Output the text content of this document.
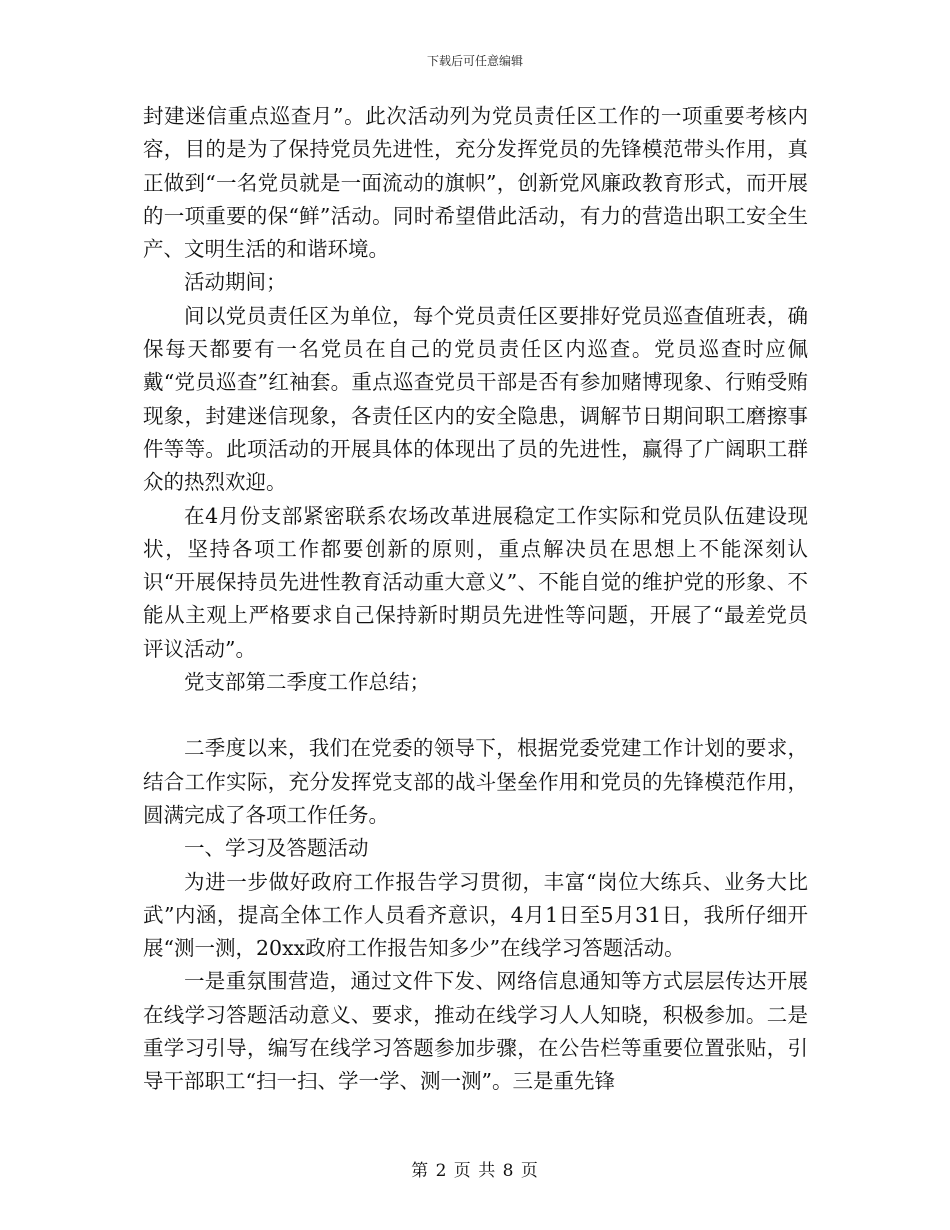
下载后可任意编辑

封建迷信重点巡查月”。此次活动列为党员责任区工作的一项重要考核内容，目的是为了保持党员先进性，充分发挥党员的先锋模范带头作用，真正做到“一名党员就是一面流动的旗帜”，创新党风廉政教育形式，而开展的一项重要的保“鲜”活动。同时希望借此活动，有力的营造出职工安全生产、文明生活的和谐环境。

活动期间；

间以党员责任区为单位，每个党员责任区要排好党员巡查值班表，确保每天都要有一名党员在自己的党员责任区内巡查。党员巡查时应佩戴“党员巡查”红袖套。重点巡查党员干部是否有参加赌博现象、行贿受贿现象，封建迷信现象，各责任区内的安全隐患，调解节日期间职工磨擦事件等等。此项活动的开展具体的体现出了员的先进性，赢得了广阔职工群众的热烈欢迎。

在4月份支部紧密联系农场改革进展稳定工作实际和党员队伍建设现状，坚持各项工作都要创新的原则，重点解决员在思想上不能深刻认识“开展保持员先进性教育活动重大意义”、不能自觉的维护党的形象、不能从主观上严格要求自己保持新时期员先进性等问题，开展了“最差党员评议活动”。

党支部第二季度工作总结；

二季度以来，我们在党委的领导下，根据党委党建工作计划的要求，结合工作实际，充分发挥党支部的战斗堡垒作用和党员的先锋模范作用，圆满完成了各项工作任务。

一、学习及答题活动

为进一步做好政府工作报告学习贯彻，丰富“岗位大练兵、业务大比武”内涵，提高全体工作人员看齐意识，4月1日至5月31日，我所仔细开展“测一测，20xx政府工作报告知多少”在线学习答题活动。

一是重氛围营造，通过文件下发、网络信息通知等方式层层传达开展在线学习答题活动意义、要求，推动在线学习人人知晓，积极参加。二是重学习引导，编写在线学习答题参加步骤，在公告栏等重要位置张贴，引导干部职工“扫一扫、学一学、测一测”。三是重先锋

第 2 页 共 8 页
